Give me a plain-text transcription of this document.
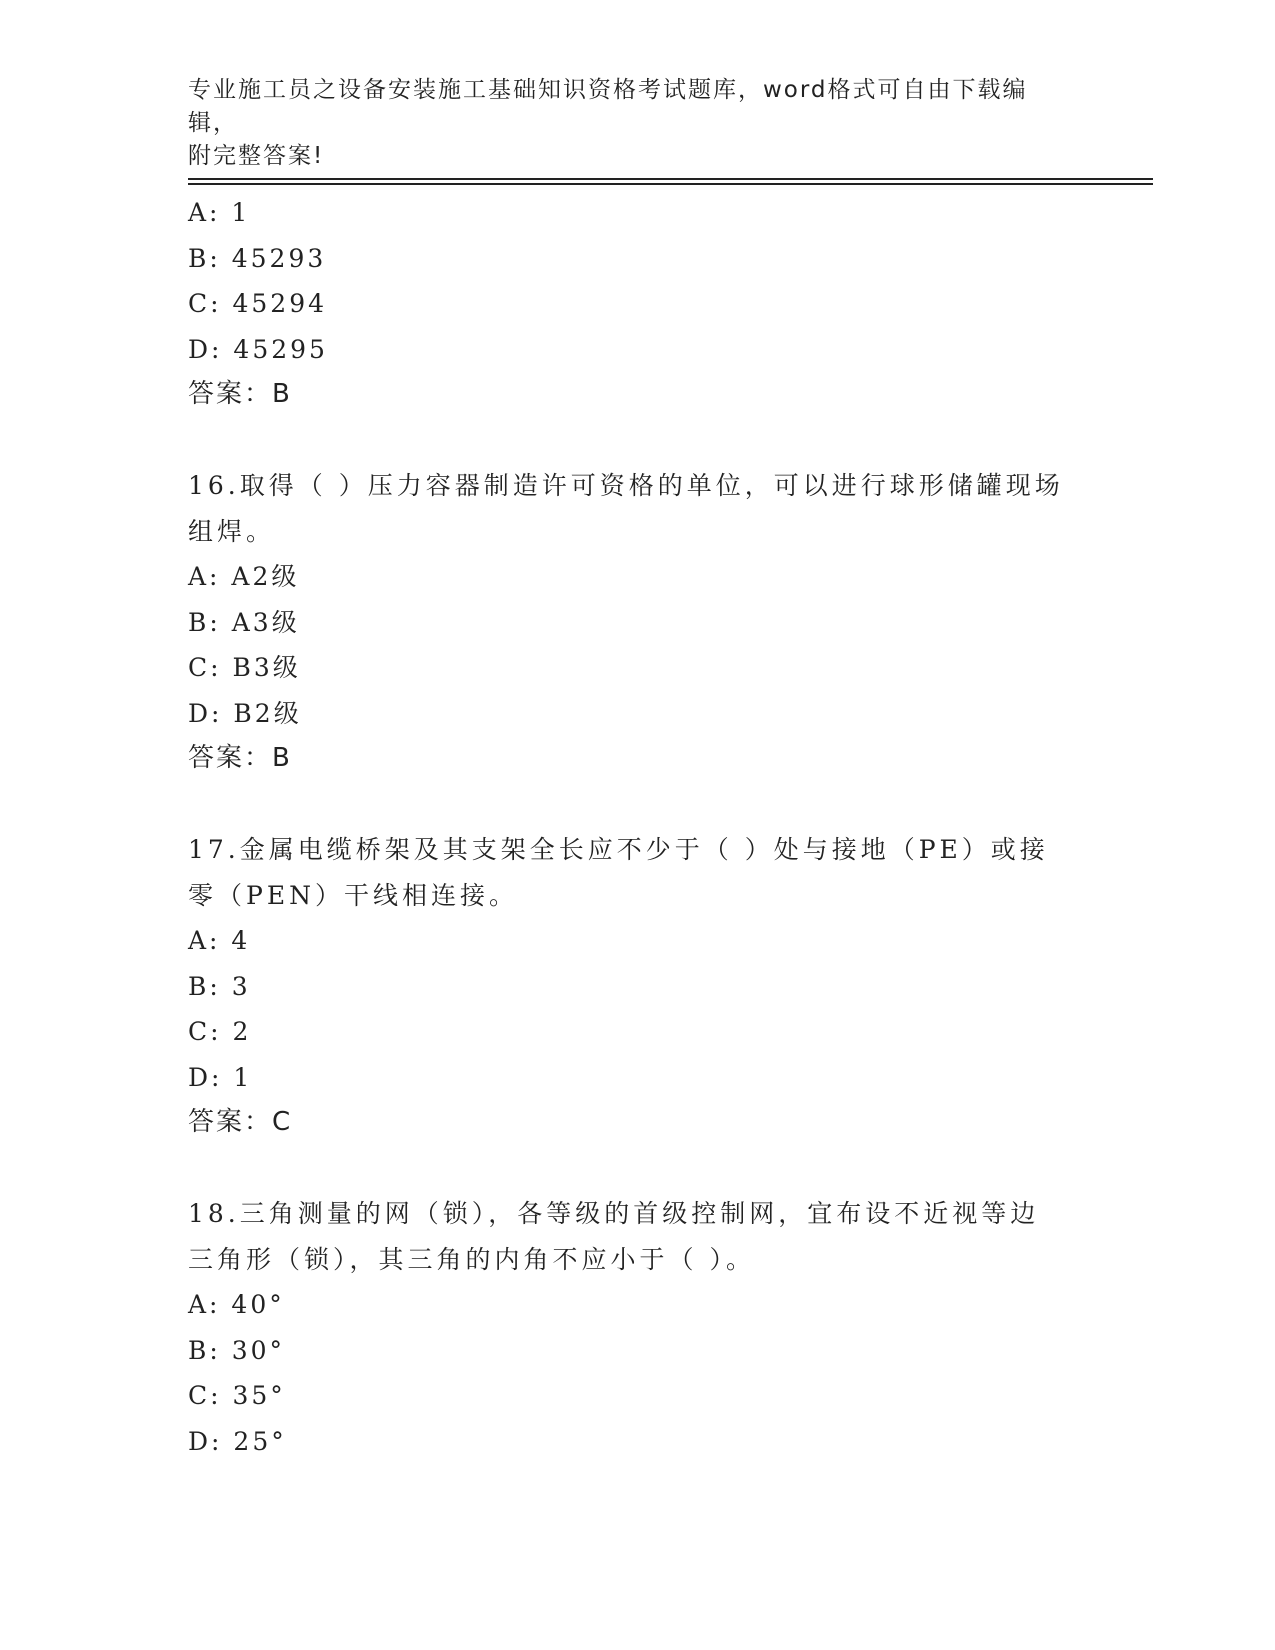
专业施工员之设备安装施工基础知识资格考试题库，word格式可自由下载编辑，
附完整答案!
A: 1
B: 45293
C: 45294
D: 45295
答案：B
16.取得（ ）压力容器制造许可资格的单位，可以进行球形储罐现场组焊。
A: A2级
B: A3级
C: B3级
D: B2级
答案：B
17.金属电缆桥架及其支架全长应不少于（ ）处与接地（PE）或接零（PEN）干线相连接。
A: 4
B: 3
C: 2
D: 1
答案：C
18.三角测量的网（锁），各等级的首级控制网，宜布设不近视等边三角形（锁），其三角的内角不应小于（ ）。
A: 40°
B: 30°
C: 35°
D: 25°
